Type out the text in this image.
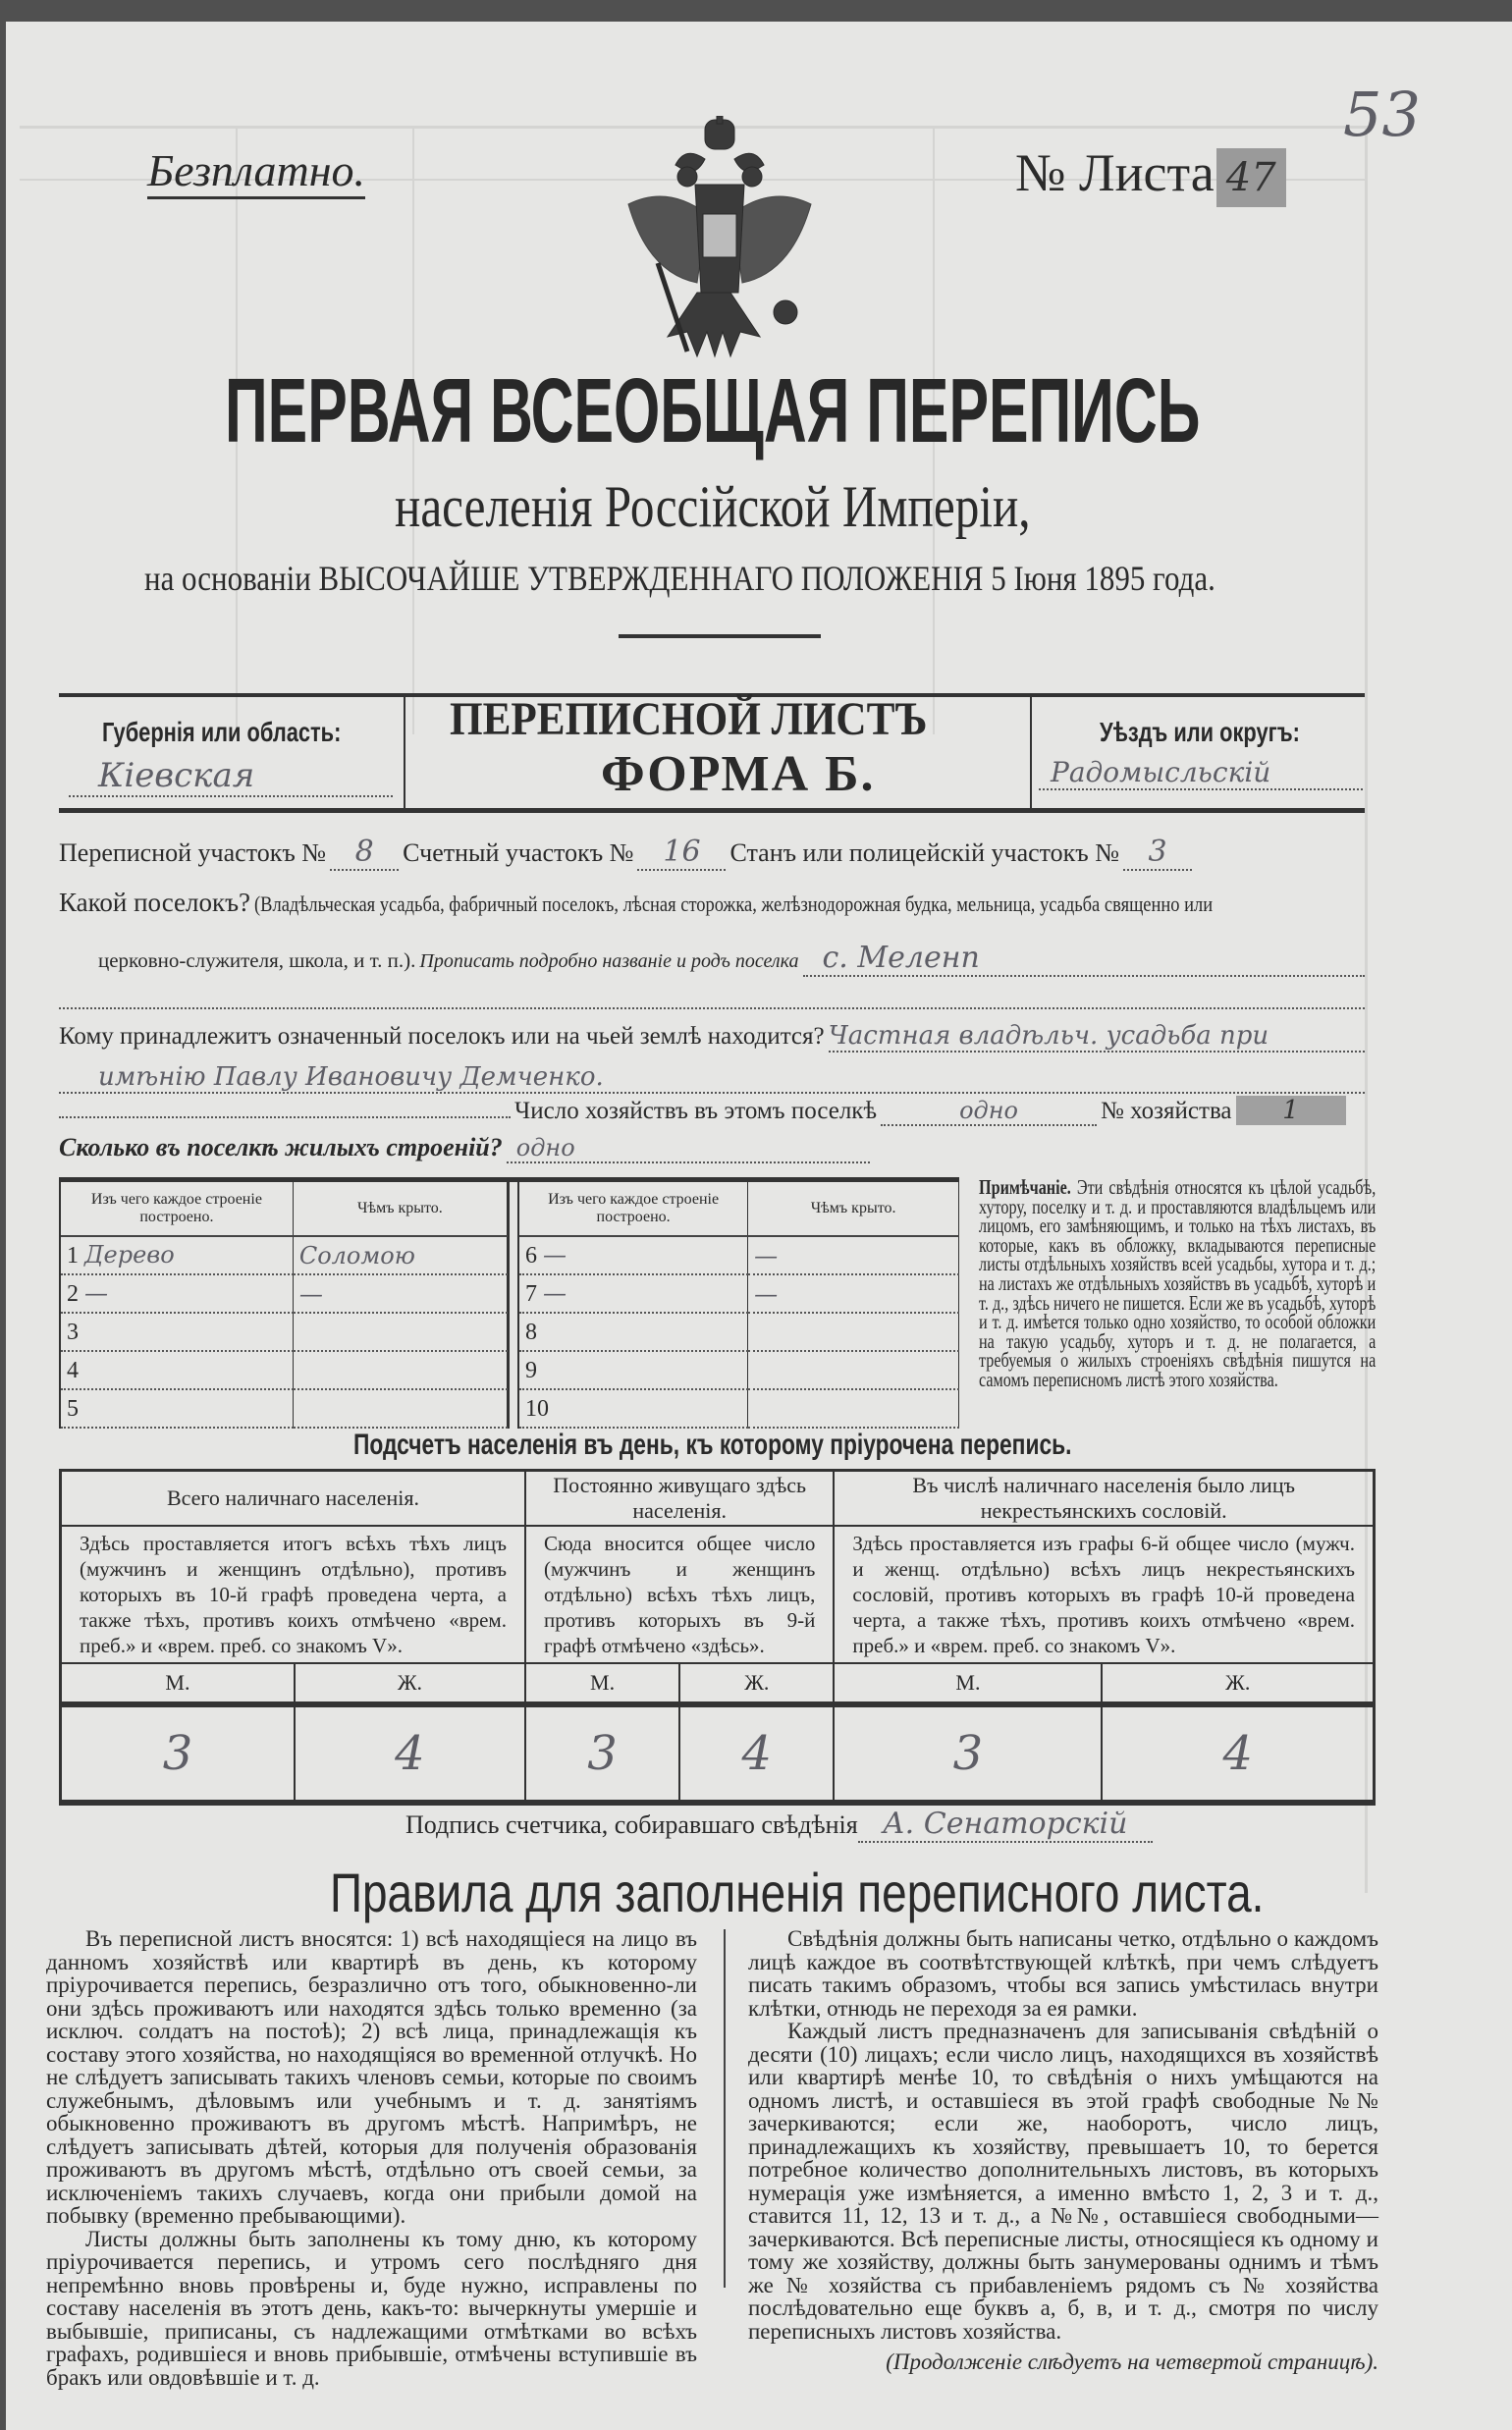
Безплатно.	№ Листа 47
53
ПЕРВАЯ ВСЕОБЩАЯ ПЕРЕПИСЬ
населенія Россійской Имперіи,
на основаніи ВЫСОЧАЙШЕ УТВЕРЖДЕННАГО ПОЛОЖЕНІЯ 5 Іюня 1895 года.
Губернія или область:
Кіевская
ПЕРЕПИСНОЙ ЛИСТЪ
ФОРМА Б.
Уѣздъ или округъ:
Радомысльскій
Переписной участокъ № 8	Счетный участокъ № 16	Станъ или полицейскій участокъ № 3
Какой поселокъ? (Владѣльческая усадьба, фабричный поселокъ, лѣсная сторожка, желѣзнодорожная будка, мельница, усадьба священно или
церковно-служителя, школа, и т. п.). Прописать подробно названіе и родъ поселка с. Меленп
Кому принадлежитъ означенный поселокъ или на чьей землѣ находится? Частная владѣльч. усадьба при
имѣнію Павлу Ивановичу Демченко.
Число хозяйствъ въ этомъ поселкѣ	одно	№ хозяйства	1
Сколько въ поселкѣ жилыхъ строеній? одно
Изъ чего каждое строеніе построено.	Чѣмъ крыто.
1 Дерево	Соломою
2 —	—
3	
4	
5	
Изъ чего каждое строеніе построено.	Чѣмъ крыто.
6 —	—
7 —	—
8	
9	
10	
Примѣчаніе. Эти свѣдѣнія относятся къ цѣлой усадьбѣ, хутору, поселку и т. д. и проставляются владѣльцемъ или лицомъ, его замѣняющимъ, и только на тѣхъ листахъ, въ которые, какъ въ обложку, вкладываются переписные листы отдѣльныхъ хозяйствъ всей усадьбы, хутора и т. д.; на листахъ же отдѣльныхъ хозяйствъ въ усадьбѣ, хуторѣ и т. д., здѣсь ничего не пишется. Если же въ усадьбѣ, хуторѣ и т. д. имѣется только одно хозяйство, то особой обложки на такую усадьбу, хуторъ и т. д. не полагается, а требуемыя о жилыхъ строеніяхъ свѣдѣнія пишутся на самомъ переписномъ листѣ этого хозяйства.
Подсчетъ населенія въ день, къ которому пріурочена перепись.
Всего наличнаго населенія.		Постоянно живущаго здѣсь населенія.		Въ числѣ наличнаго населенія было лицъ некрестьянскихъ сословій.	
Здѣсь проставляется итогъ всѣхъ тѣхъ лицъ (мужчинъ и женщинъ отдѣльно), противъ которыхъ въ 10-й графѣ проведена черта, а также тѣхъ, противъ коихъ отмѣчено «врем. преб.» и «врем. преб. со знакомъ V».		Сюда вносится общее число (мужчинъ и женщинъ отдѣльно) всѣхъ тѣхъ лицъ, противъ которыхъ въ 9-й графѣ отмѣчено «здѣсь».		Здѣсь проставляется изъ графы 6-й общее число (мужч. и женщ. отдѣльно) всѣхъ лицъ некрестьянскихъ сословій, противъ которыхъ въ графѣ 10-й проведена черта, а также тѣхъ, противъ коихъ отмѣчено «врем. преб.» и «врем. преб. со знакомъ V».	
М.	Ж.	М.	Ж.	М.	Ж.
3	4	3	4	3	4
Подпись счетчика, собиравшаго свѣдѣнія А. Сенаторскій
Правила для заполненія переписного листа.

Въ переписной листъ вносятся: 1) всѣ находящіеся на лицо въ данномъ хозяйствѣ или квартирѣ въ день, къ которому пріурочивается перепись, безразлично отъ того, обыкновенно-ли они здѣсь проживаютъ или находятся здѣсь только временно (за исключ. солдатъ на постоѣ); 2) всѣ лица, принадлежащія къ составу этого хозяйства, но находящіяся во временной отлучкѣ. Но не слѣдуетъ записывать такихъ членовъ семьи, которые по своимъ служебнымъ, дѣловымъ или учебнымъ и т. д. занятіямъ обыкновенно проживаютъ въ другомъ мѣстѣ. Напримѣръ, не слѣдуетъ записывать дѣтей, которыя для полученія образованія проживаютъ въ другомъ мѣстѣ, отдѣльно отъ своей семьи, за исключеніемъ такихъ случаевъ, когда они прибыли домой на побывку (временно пребывающими).

Листы должны быть заполнены къ тому дню, къ которому пріурочивается перепись, и утромъ сего послѣдняго дня непремѣнно вновь провѣрены и, буде нужно, исправлены по составу населенія въ этотъ день, какъ-то: вычеркнуты умершіе и выбывшіе, приписаны, съ надлежащими отмѣтками во всѣхъ графахъ, родившіеся и вновь прибывшіе, отмѣчены вступившіе въ бракъ или овдовѣвшіе и т. д.

Свѣдѣнія должны быть написаны четко, отдѣльно о каждомъ лицѣ каждое въ соотвѣтствующей клѣткѣ, при чемъ слѣдуетъ писать такимъ образомъ, чтобы вся запись умѣстилась внутри клѣтки, отнюдь не переходя за ея рамки.

Каждый листъ предназначенъ для записыванія свѣдѣній о десяти (10) лицахъ; если число лицъ, находящихся въ хозяйствѣ или квартирѣ менѣе 10, то свѣдѣнія о нихъ умѣщаются на одномъ листѣ, и оставшіеся въ этой графѣ свободные №№ зачеркиваются; если же, наоборотъ, число лицъ, принадлежащихъ къ хозяйству, превышаетъ 10, то берется потребное количество дополнительныхъ листовъ, въ которыхъ нумерація уже измѣняется, а именно вмѣсто 1, 2, 3 и т. д., ставится 11, 12, 13 и т. д., а №№, оставшіеся свободными—зачеркиваются. Всѣ переписные листы, относящіеся къ одному и тому же хозяйству, должны быть занумерованы однимъ и тѣмъ же № хозяйства съ прибавленіемъ рядомъ съ № хозяйства послѣдовательно еще буквъ а, б, в, и т. д., смотря по числу переписныхъ листовъ хозяйства.

(Продолженіе слѣдуетъ на четвертой страницѣ).
